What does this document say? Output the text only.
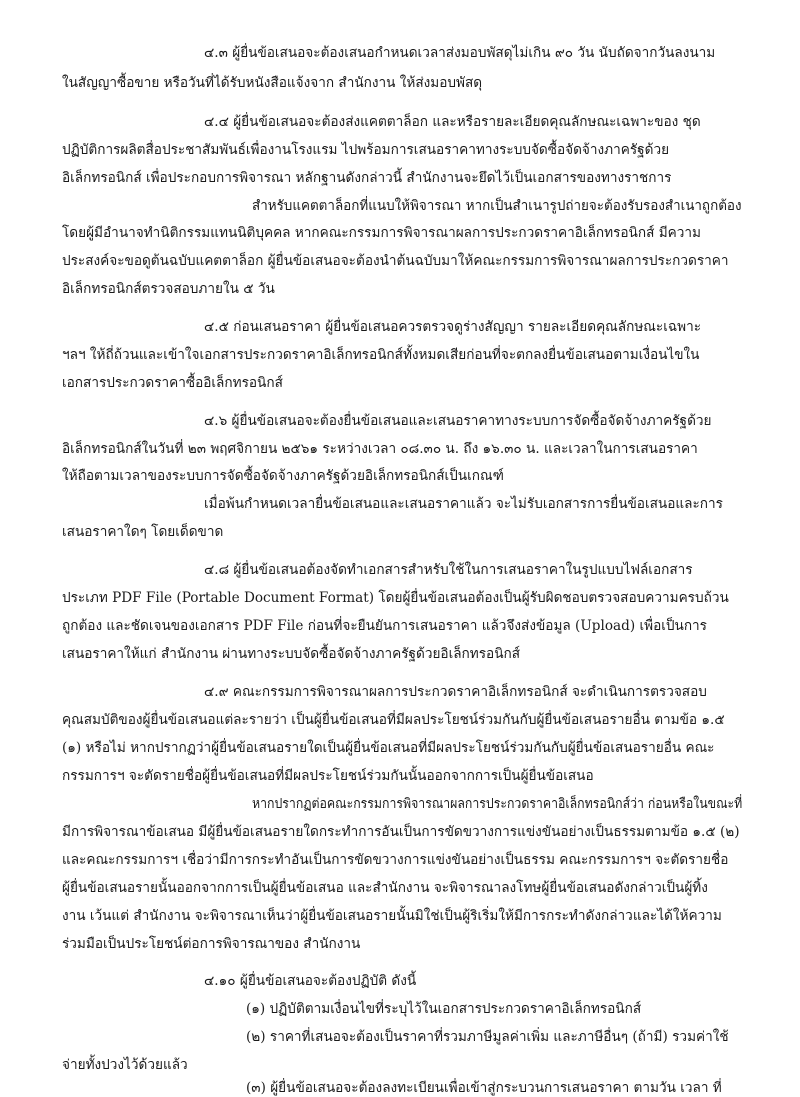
๔.๓ ผู้ยื่นข้อเสนอจะต้องเสนอกำหนดเวลาส่งมอบพัสดุไม่เกิน ๙๐ วัน นับถัดจากวันลงนาม
ในสัญญาซื้อขาย หรือวันที่ได้รับหนังสือแจ้งจาก สำนักงาน ให้ส่งมอบพัสดุ
๔.๔ ผู้ยื่นข้อเสนอจะต้องส่งแคตตาล็อก และหรือรายละเอียดคุณลักษณะเฉพาะของ ชุด
ปฏิบัติการผลิตสื่อประชาสัมพันธ์เพื่องานโรงแรม ไปพร้อมการเสนอราคาทางระบบจัดซื้อจัดจ้างภาครัฐด้วย
อิเล็กทรอนิกส์ เพื่อประกอบการพิจารณา หลักฐานดังกล่าวนี้ สำนักงานจะยึดไว้เป็นเอกสารของทางราชการ
สำหรับแคตตาล็อกที่แนบให้พิจารณา หากเป็นสำเนารูปถ่ายจะต้องรับรองสำเนาถูกต้อง
โดยผู้มีอำนาจทำนิติกรรมแทนนิติบุคคล หากคณะกรรมการพิจารณาผลการประกวดราคาอิเล็กทรอนิกส์ มีความ
ประสงค์จะขอดูต้นฉบับแคตตาล็อก ผู้ยื่นข้อเสนอจะต้องนำต้นฉบับมาให้คณะกรรมการพิจารณาผลการประกวดราคา
อิเล็กทรอนิกส์ตรวจสอบภายใน ๕ วัน
๔.๕ ก่อนเสนอราคา ผู้ยื่นข้อเสนอควรตรวจดูร่างสัญญา รายละเอียดคุณลักษณะเฉพาะ
ฯลฯ ให้ถี่ถ้วนและเข้าใจเอกสารประกวดราคาอิเล็กทรอนิกส์ทั้งหมดเสียก่อนที่จะตกลงยื่นข้อเสนอตามเงื่อนไขใน
เอกสารประกวดราคาซื้ออิเล็กทรอนิกส์
๔.๖ ผู้ยื่นข้อเสนอจะต้องยื่นข้อเสนอและเสนอราคาทางระบบการจัดซื้อจัดจ้างภาครัฐด้วย
อิเล็กทรอนิกส์ในวันที่ ๒๓ พฤศจิกายน ๒๕๖๑ ระหว่างเวลา ๐๘.๓๐ น. ถึง ๑๖.๓๐ น. และเวลาในการเสนอราคา
ให้ถือตามเวลาของระบบการจัดซื้อจัดจ้างภาครัฐด้วยอิเล็กทรอนิกส์เป็นเกณฑ์
เมื่อพ้นกำหนดเวลายื่นข้อเสนอและเสนอราคาแล้ว จะไม่รับเอกสารการยื่นข้อเสนอและการ
เสนอราคาใดๆ โดยเด็ดขาด
๔.๘ ผู้ยื่นข้อเสนอต้องจัดทำเอกสารสำหรับใช้ในการเสนอราคาในรูปแบบไฟล์เอกสาร
ประเภท PDF File (Portable Document Format) โดยผู้ยื่นข้อเสนอต้องเป็นผู้รับผิดชอบตรวจสอบความครบถ้วน
ถูกต้อง และชัดเจนของเอกสาร PDF File ก่อนที่จะยืนยันการเสนอราคา แล้วจึงส่งข้อมูล (Upload) เพื่อเป็นการ
เสนอราคาให้แก่ สำนักงาน ผ่านทางระบบจัดซื้อจัดจ้างภาครัฐด้วยอิเล็กทรอนิกส์
๔.๙ คณะกรรมการพิจารณาผลการประกวดราคาอิเล็กทรอนิกส์ จะดำเนินการตรวจสอบ
คุณสมบัติของผู้ยื่นข้อเสนอแต่ละรายว่า เป็นผู้ยื่นข้อเสนอที่มีผลประโยชน์ร่วมกันกับผู้ยื่นข้อเสนอรายอื่น ตามข้อ ๑.๕
(๑) หรือไม่ หากปรากฏว่าผู้ยื่นข้อเสนอรายใดเป็นผู้ยื่นข้อเสนอที่มีผลประโยชน์ร่วมกันกับผู้ยื่นข้อเสนอรายอื่น คณะ
กรรมการฯ จะตัดรายชื่อผู้ยื่นข้อเสนอที่มีผลประโยชน์ร่วมกันนั้นออกจากการเป็นผู้ยื่นข้อเสนอ
หากปรากฏต่อคณะกรรมการพิจารณาผลการประกวดราคาอิเล็กทรอนิกส์ว่า ก่อนหรือในขณะที่
มีการพิจารณาข้อเสนอ มีผู้ยื่นข้อเสนอรายใดกระทำการอันเป็นการขัดขวางการแข่งขันอย่างเป็นธรรมตามข้อ ๑.๕ (๒)
และคณะกรรมการฯ เชื่อว่ามีการกระทำอันเป็นการขัดขวางการแข่งขันอย่างเป็นธรรม คณะกรรมการฯ จะตัดรายชื่อ
ผู้ยื่นข้อเสนอรายนั้นออกจากการเป็นผู้ยื่นข้อเสนอ และสำนักงาน จะพิจารณาลงโทษผู้ยื่นข้อเสนอดังกล่าวเป็นผู้ทิ้ง
งาน เว้นแต่ สำนักงาน จะพิจารณาเห็นว่าผู้ยื่นข้อเสนอรายนั้นมิใช่เป็นผู้ริเริ่มให้มีการกระทำดังกล่าวและได้ให้ความ
ร่วมมือเป็นประโยชน์ต่อการพิจารณาของ สำนักงาน
๔.๑๐ ผู้ยื่นข้อเสนอจะต้องปฏิบัติ ดังนี้
(๑) ปฏิบัติตามเงื่อนไขที่ระบุไว้ในเอกสารประกวดราคาอิเล็กทรอนิกส์
(๒) ราคาที่เสนอจะต้องเป็นราคาที่รวมภาษีมูลค่าเพิ่ม และภาษีอื่นๆ (ถ้ามี) รวมค่าใช้
จ่ายทั้งปวงไว้ด้วยแล้ว
(๓) ผู้ยื่นข้อเสนอจะต้องลงทะเบียนเพื่อเข้าสู่กระบวนการเสนอราคา ตามวัน เวลา ที่
